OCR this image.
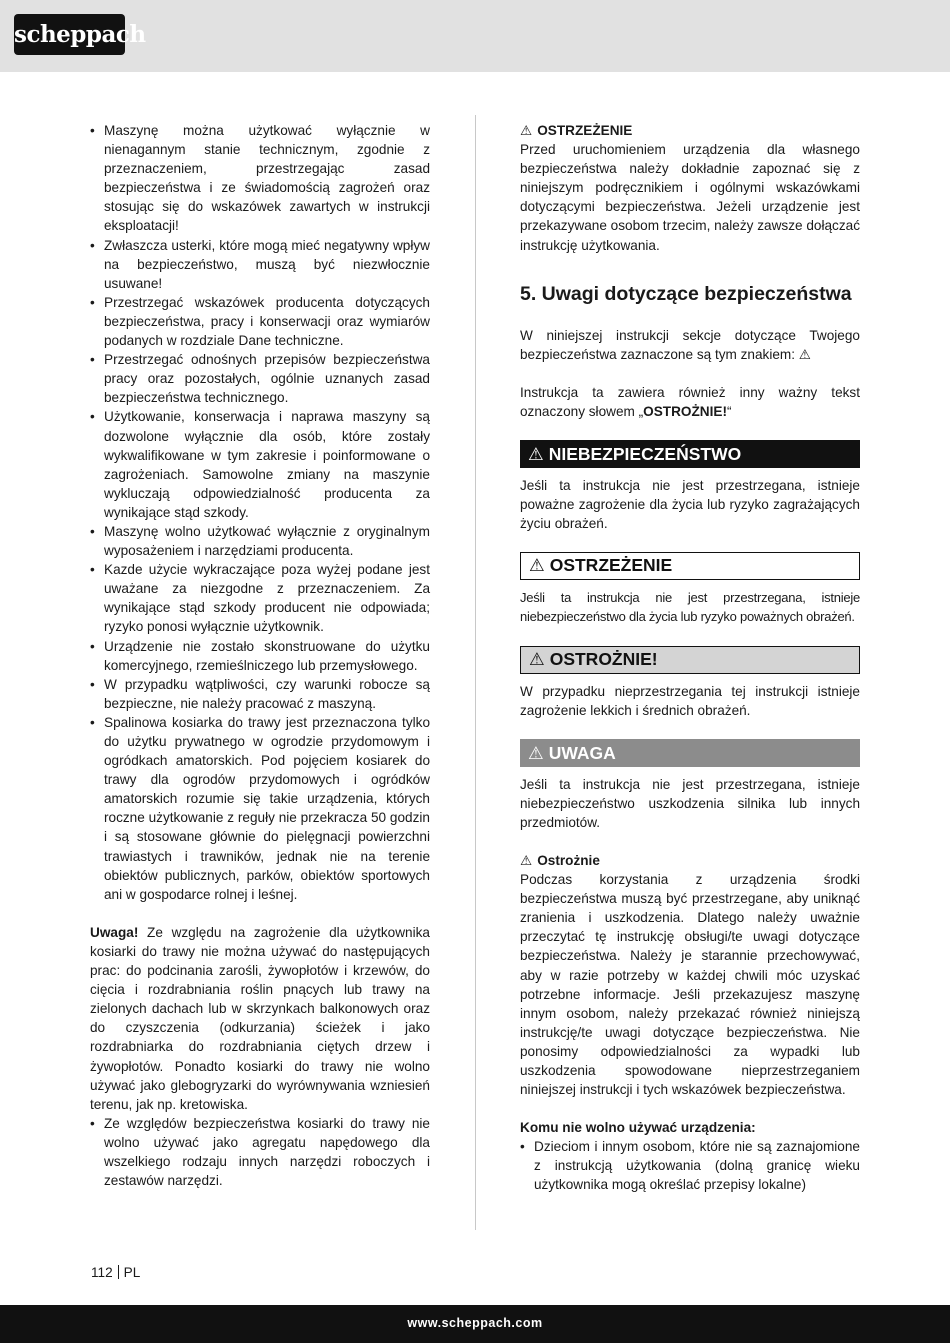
scheppach
• Maszynę można użytkować wyłącznie w nienagannym stanie technicznym, zgodnie z przeznaczeniem, przestrzegając zasad bezpieczeństwa i ze świadomością zagrożeń oraz stosując się do wskazówek zawartych w instrukcji eksploatacji!
• Zwłaszcza usterki, które mogą mieć negatywny wpływ na bezpieczeństwo, muszą być niezwłocznie usuwane!
• Przestrzegać wskazówek producenta dotyczących bezpieczeństwa, pracy i konserwacji oraz wymiarów podanych w rozdziale Dane techniczne.
• Przestrzegać odnośnych przepisów bezpieczeństwa pracy oraz pozostałych, ogólnie uznanych zasad bezpieczeństwa technicznego.
• Użytkowanie, konserwacja i naprawa maszyny są dozwolone wyłącznie dla osób, które zostały wykwalifikowane w tym zakresie i poinformowane o zagrożeniach. Samowolne zmiany na maszynie wykluczają odpowiedzialność producenta za wynikające stąd szkody.
• Maszynę wolno użytkować wyłącznie z oryginalnym wyposażeniem i narzędziami producenta.
• Kazde użycie wykraczające poza wyżej podane jest uważane za niezgodne z przeznaczeniem. Za wynikające stąd szkody producent nie odpowiada; ryzyko ponosi wyłącznie użytkownik.
• Urządzenie nie zostało skonstruowane do użytku komercyjnego, rzemieślniczego lub przemysłowego.
• W przypadku wątpliwości, czy warunki robocze są bezpieczne, nie należy pracować z maszyną.
• Spalinowa kosiarka do trawy jest przeznaczona tylko do użytku prywatnego w ogrodzie przydomowym i ogródkach amatorskich. Pod pojęciem kosiarek do trawy dla ogrodów przydomowych i ogródków amatorskich rozumie się takie urządzenia, których roczne użytkowanie z reguły nie przekracza 50 godzin i są stosowane głównie do pielęgnacji powierzchni trawiastych i trawników, jednak nie na terenie obiektów publicznych, parków, obiektów sportowych ani w gospodarce rolnej i leśnej.

Uwaga! Ze względu na zagrożenie dla użytkownika kosiarki do trawy nie można używać do następujących prac: do podcinania zarośli, żywopłotów i krzewów, do cięcia i rozdrabniania roślin pnących lub trawy na zielonych dachach lub w skrzynkach balkonowych oraz do czyszczenia (odkurzania) ścieżek i jako rozdrabniarka do rozdrabniania ciętych drzew i żywopłotów. Ponadto kosiarki do trawy nie wolno używać jako glebogryzarki do wyrównywania wzniesień terenu, jak np. kretowiska.

• Ze względów bezpieczeństwa kosiarki do trawy nie wolno używać jako agregatu napędowego dla wszelkiego rodzaju innych narzędzi roboczych i zestawów narzędzi.
⚠ OSTRZEŻENIE

Przed uruchomieniem urządzenia dla własnego bezpieczeństwa należy dokładnie zapoznać się z niniejszym podręcznikiem i ogólnymi wskazówkami dotyczącymi bezpieczeństwa. Jeżeli urządzenie jest przekazywane osobom trzecim, należy zawsze dołączać instrukcję użytkowania.

5. Uwagi dotyczące bezpieczeństwa

W niniejszej instrukcji sekcje dotyczące Twojego bezpieczeństwa zaznaczone są tym znakiem: ⚠

Instrukcja ta zawiera również inny ważny tekst oznaczony słowem „OSTROŻNIE!“

⚠ NIEBEZPIECZEŃSTWO

Jeśli ta instrukcja nie jest przestrzegana, istnieje poważne zagrożenie dla życia lub ryzyko zagrażających życiu obrażeń.

⚠ OSTRZEŻENIE

Jeśli ta instrukcja nie jest przestrzegana, istnieje niebezpieczeństwo dla życia lub ryzyko poważnych obrażeń.

⚠ OSTROŻNIE!

W przypadku nieprzestrzegania tej instrukcji istnieje zagrożenie lekkich i średnich obrażeń.

⚠ UWAGA

Jeśli ta instrukcja nie jest przestrzegana, istnieje niebezpieczeństwo uszkodzenia silnika lub innych przedmiotów.

⚠ Ostrożnie

Podczas korzystania z urządzenia środki bezpieczeństwa muszą być przestrzegane, aby uniknąć zranienia i uszkodzenia. Dlatego należy uważnie przeczytać tę instrukcję obsługi/te uwagi dotyczące bezpieczeństwa. Należy je starannie przechowywać, aby w razie potrzeby w każdej chwili móc uzyskać potrzebne informacje. Jeśli przekazujesz maszynę innym osobom, należy przekazać również niniejszą instrukcję/te uwagi dotyczące bezpieczeństwa. Nie ponosimy odpowiedzialności za wypadki lub uszkodzenia spowodowane nieprzestrzeganiem niniejszej instrukcji i tych wskazówek bezpieczeństwa.

Komu nie wolno używać urządzenia:
• Dzieciom i innym osobom, które nie są zaznajomione z instrukcją użytkowania (dolną granicę wieku użytkownika mogą określać przepisy lokalne)
112 PL
www.scheppach.com
